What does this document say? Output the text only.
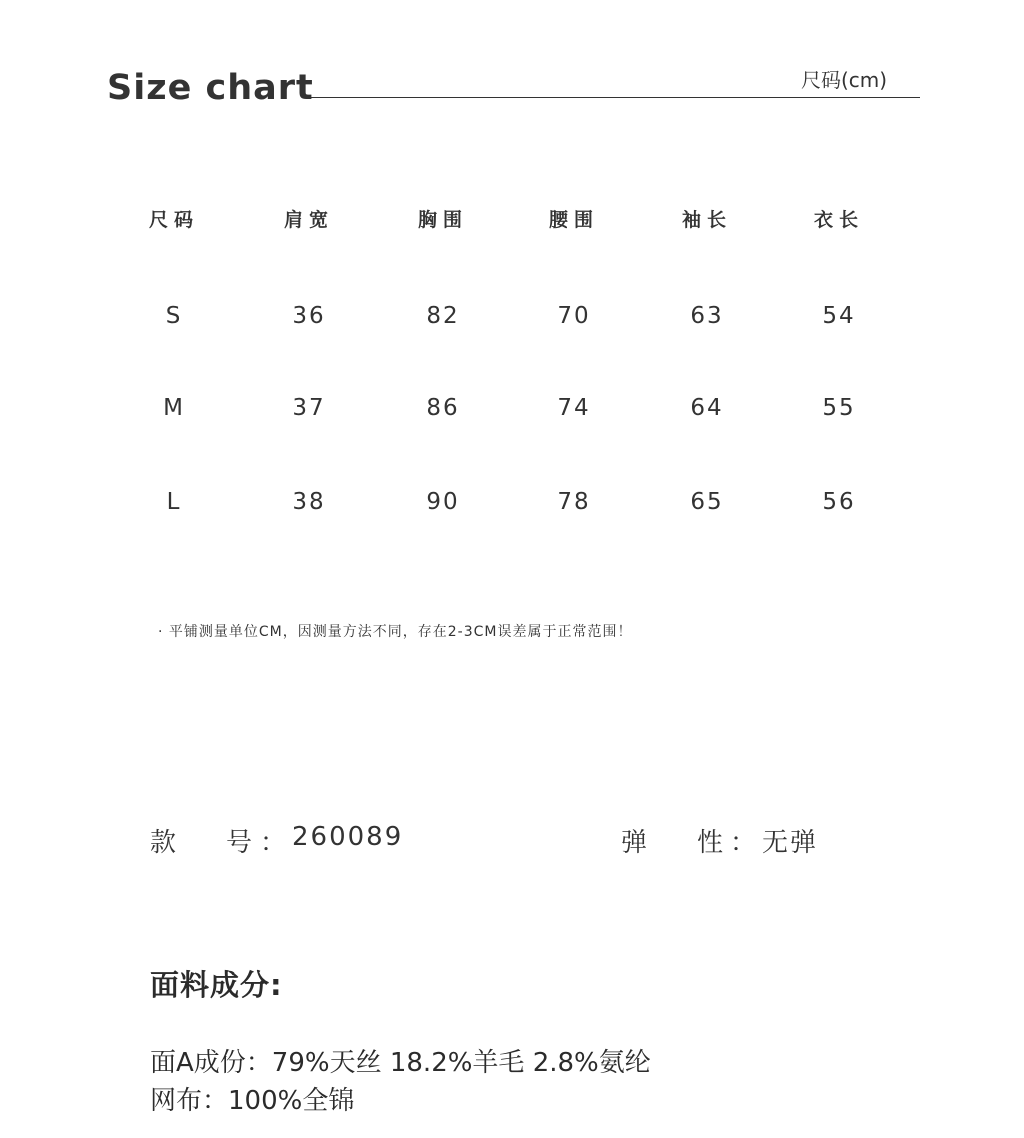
Size chart	尺码(cm)
尺码	肩宽	胸围	腰围	袖长	衣长
S	36	82	70	63	54
M	37	86	74	64	55
L	38	90	78	65	56
· 平铺测量单位CM，因测量方法不同，存在2-3CM误差属于正常范围！
款 号 ： 260089	弹 性 ： 无弹
面料成分:
面A成份：79%天丝 18.2%羊毛 2.8%氨纶
网布：100%全锦
